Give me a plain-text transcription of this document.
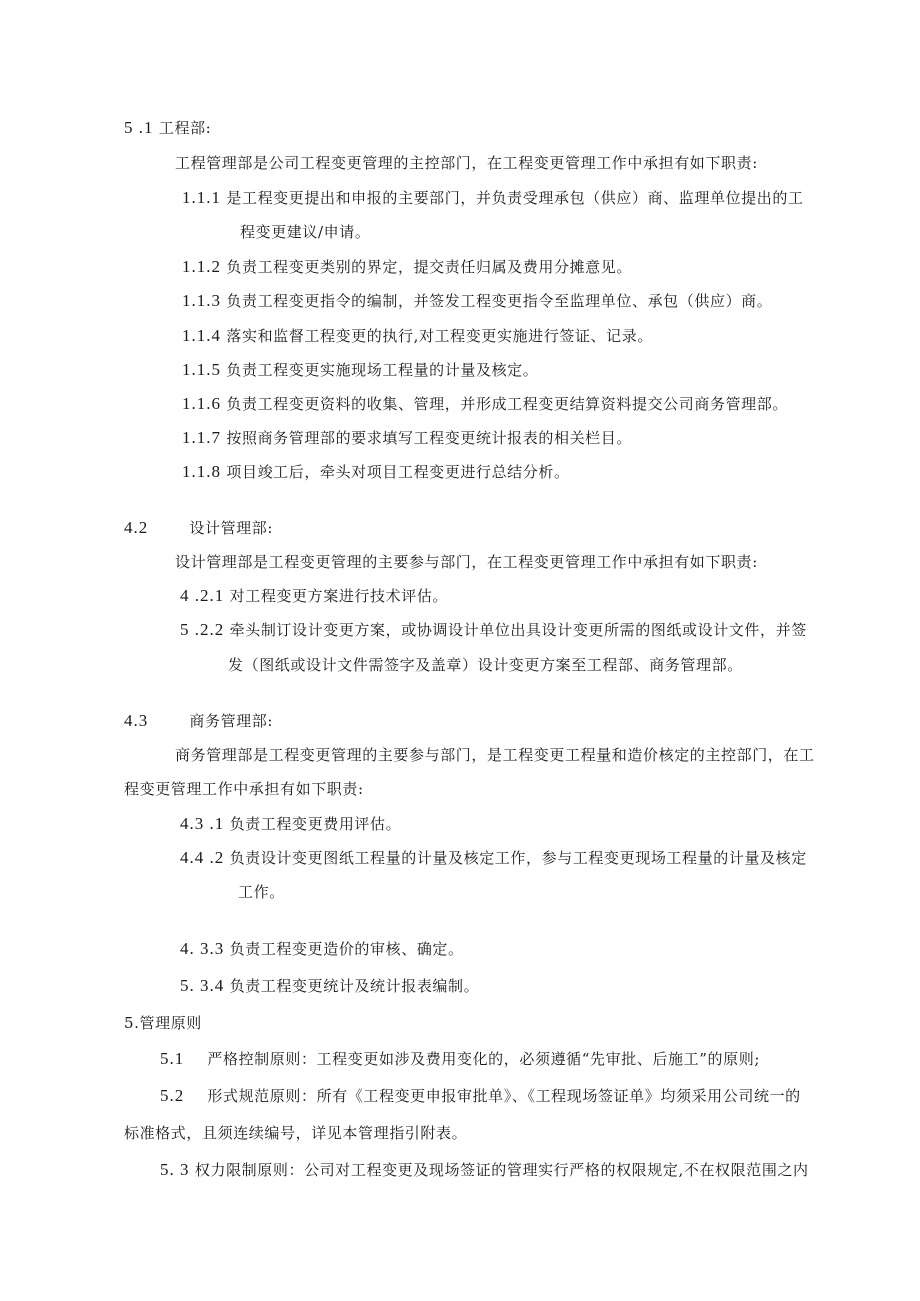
5 .1 工程部:
工程管理部是公司工程变更管理的主控部门，在工程变更管理工作中承担有如下职责:
1.1.1 是工程变更提出和申报的主要部门，并负责受理承包（供应）商、监理单位提出的工
程变更建议/申请。
1.1.2 负责工程变更类别的界定，提交责任归属及费用分摊意见。
1.1.3 负责工程变更指令的编制，并签发工程变更指令至监理单位、承包（供应）商。
1.1.4 落实和监督工程变更的执行,对工程变更实施进行签证、记录。
1.1.5 负责工程变更实施现场工程量的计量及核定。
1.1.6 负责工程变更资料的收集、管理，并形成工程变更结算资料提交公司商务管理部。
1.1.7 按照商务管理部的要求填写工程变更统计报表的相关栏目。
1.1.8 项目竣工后，牵头对项目工程变更进行总结分析。
4.2	设计管理部:
设计管理部是工程变更管理的主要参与部门，在工程变更管理工作中承担有如下职责:
4 .2.1 对工程变更方案进行技术评估。
5 .2.2 牵头制订设计变更方案，或协调设计单位出具设计变更所需的图纸或设计文件，并签
发（图纸或设计文件需签字及盖章）设计变更方案至工程部、商务管理部。
4.3	商务管理部:
商务管理部是工程变更管理的主要参与部门，是工程变更工程量和造价核定的主控部门，在工
程变更管理工作中承担有如下职责:
4.3 .1 负责工程变更费用评估。
4.4 .2 负责设计变更图纸工程量的计量及核定工作，参与工程变更现场工程量的计量及核定
工作。
4. 3.3 负责工程变更造价的审核、确定。
5. 3.4 负责工程变更统计及统计报表编制。
5.管理原则
5.1 严格控制原则：工程变更如涉及费用变化的，必须遵循“先审批、后施工”的原则;
5.2 形式规范原则：所有《工程变更申报审批单》、《工程现场签证单》均须采用公司统一的
标准格式，且须连续编号，详见本管理指引附表。
5. 3 权力限制原则：公司对工程变更及现场签证的管理实行严格的权限规定,不在权限范围之内
